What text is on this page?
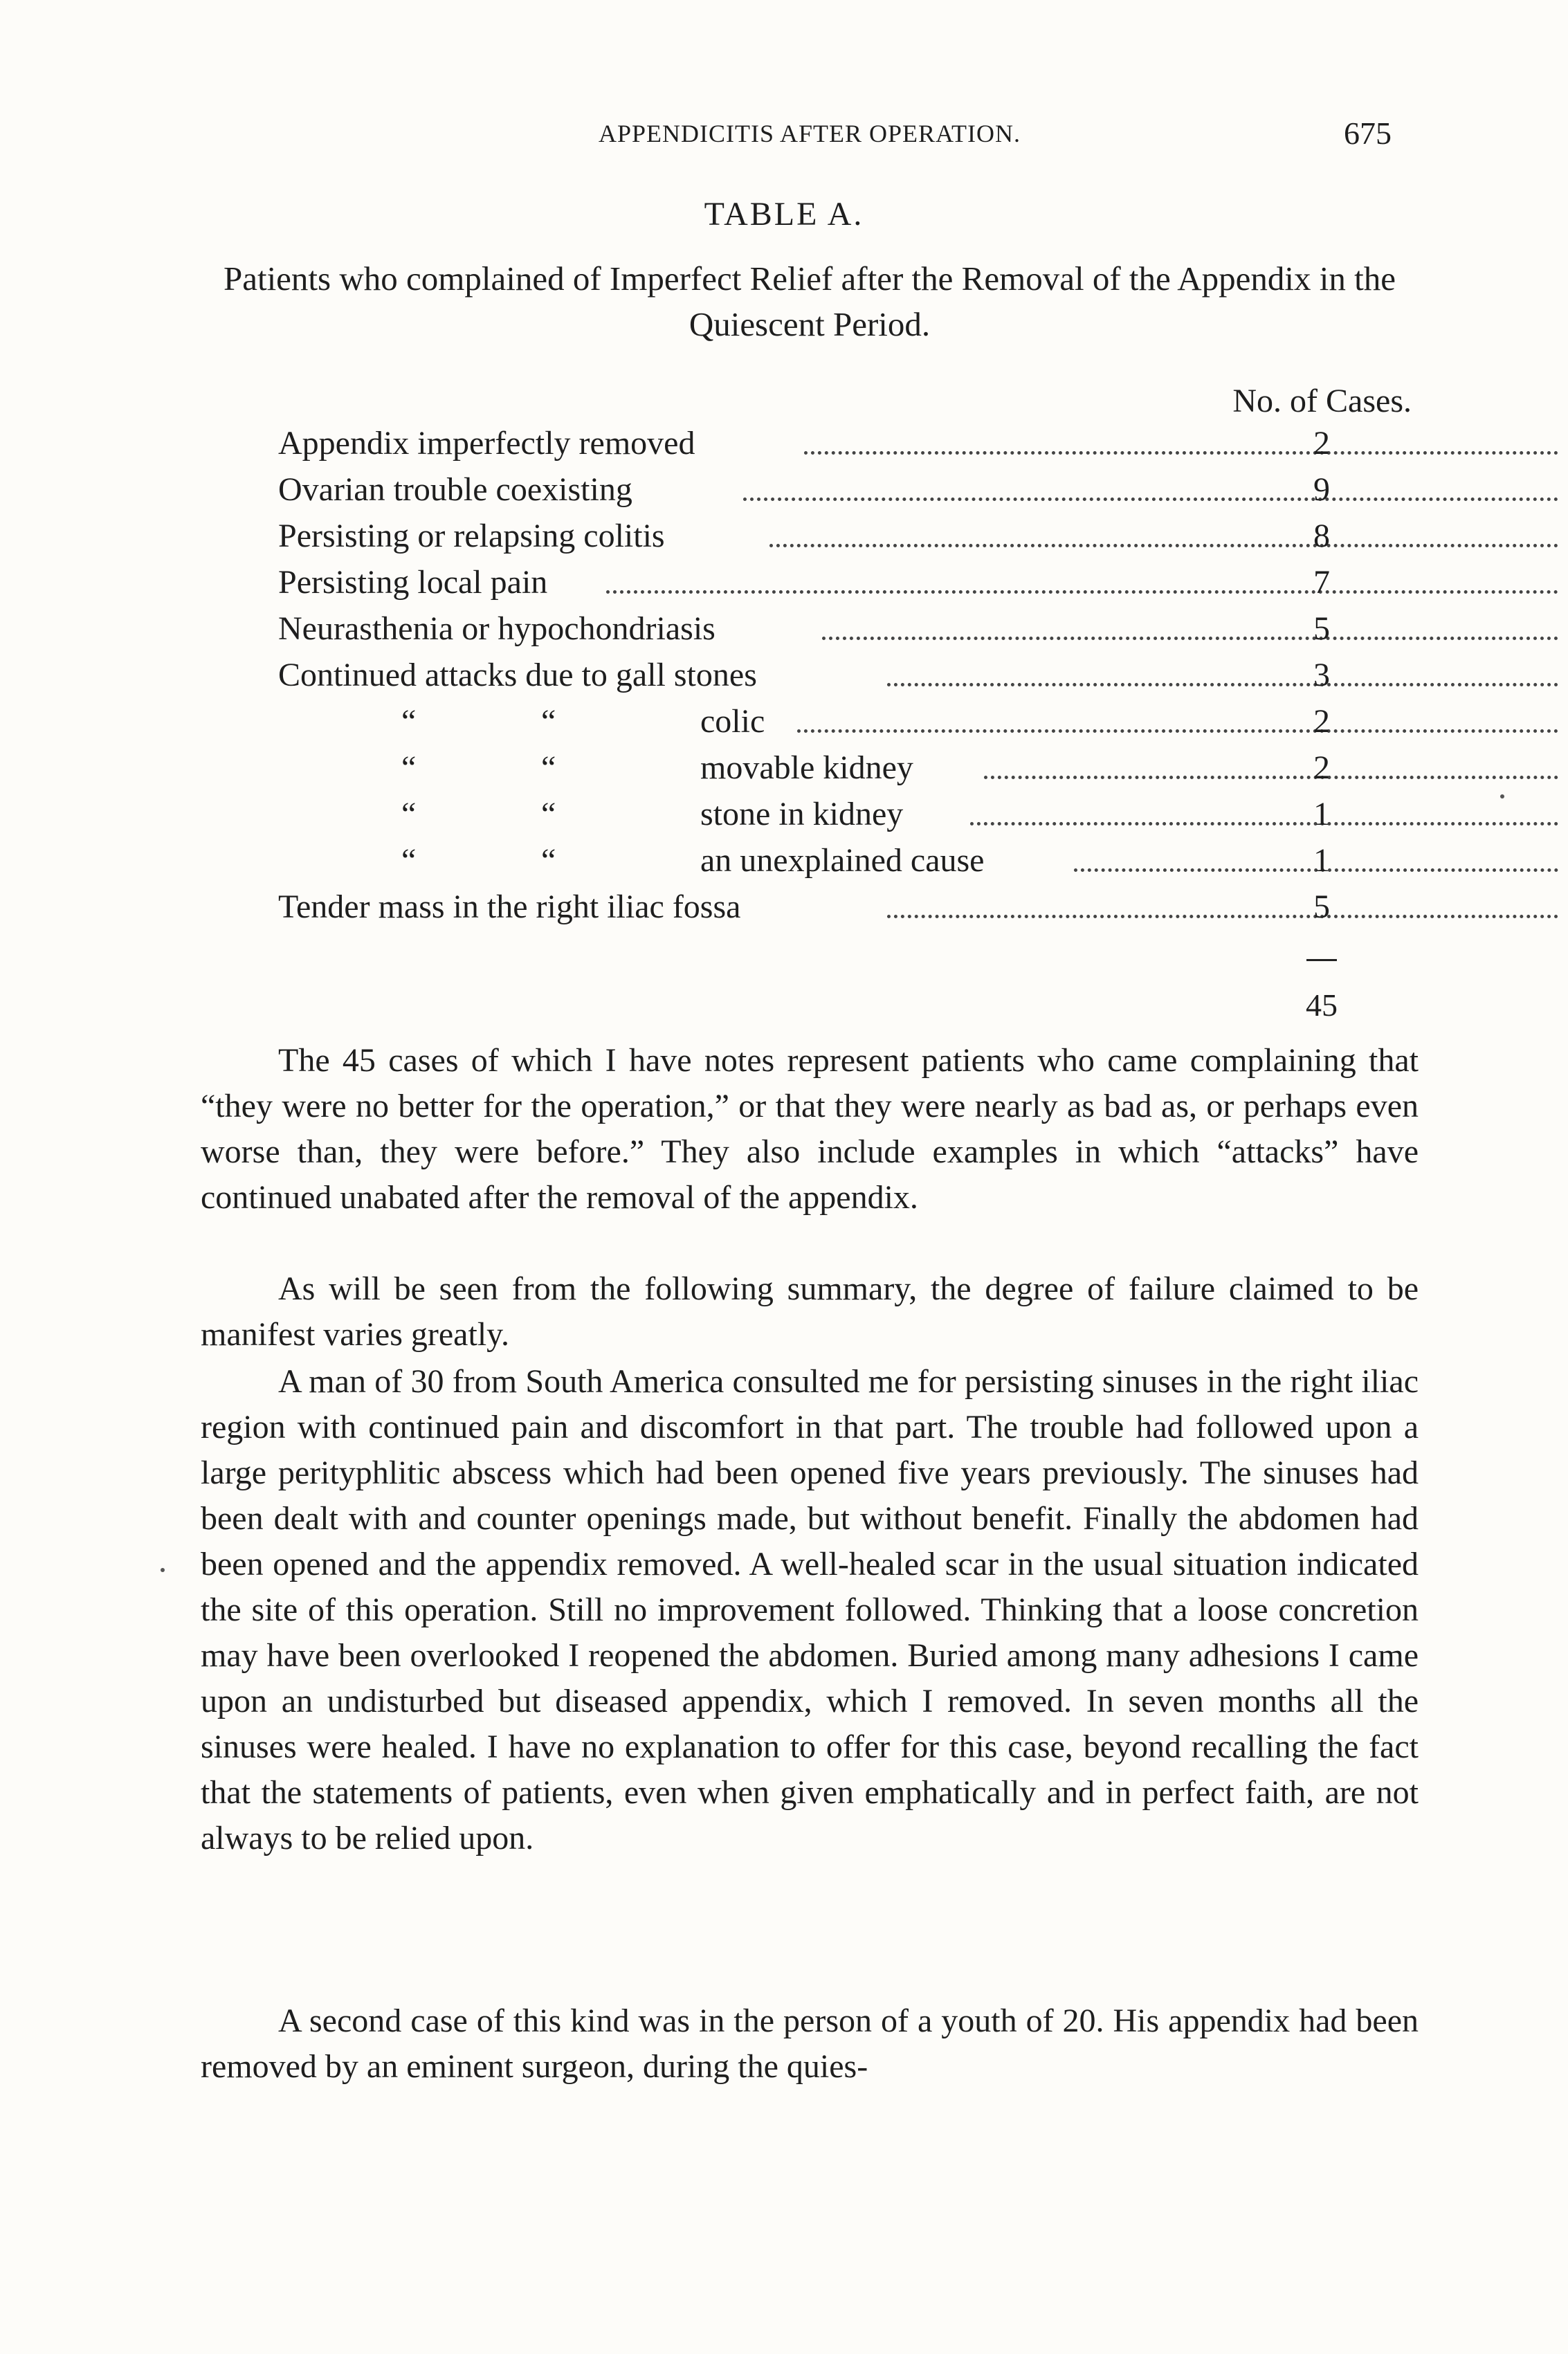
APPENDICITIS AFTER OPERATION.	675
TABLE A.
Patients who complained of Imperfect Relief after the Removal of the Appendix in the Quiescent Period.
No. of Cases.
Appendix imperfectly removed	2
Ovarian trouble coexisting	9
Persisting or relapsing colitis	8
Persisting local pain	7
Neurasthenia or hypochondriasis	5
Continued attacks due to gall stones	3
“	“	colic	2
“	“	movable kidney	2
“	“	stone in kidney	1
“	“	an unexplained cause	1
Tender mass in the right iliac fossa	5
45

The 45 cases of which I have notes represent patients who came complaining that “they were no better for the operation,” or that they were nearly as bad as, or perhaps even worse than, they were before.” They also include examples in which “attacks” have continued unabated after the removal of the appendix.

As will be seen from the following summary, the degree of failure claimed to be manifest varies greatly.

A man of 30 from South America consulted me for persisting sinuses in the right iliac region with continued pain and discomfort in that part. The trouble had followed upon a large perityphlitic abscess which had been opened five years previously. The sinuses had been dealt with and counter openings made, but without benefit. Finally the abdomen had been opened and the appendix removed. A well-healed scar in the usual situation indicated the site of this operation. Still no improvement followed. Thinking that a loose concretion may have been overlooked I reopened the abdomen. Buried among many adhesions I came upon an undisturbed but diseased appendix, which I removed. In seven months all the sinuses were healed. I have no explanation to offer for this case, beyond recalling the fact that the statements of patients, even when given emphatically and in perfect faith, are not always to be relied upon.

A second case of this kind was in the person of a youth of 20. His appendix had been removed by an eminent surgeon, during the quies-
